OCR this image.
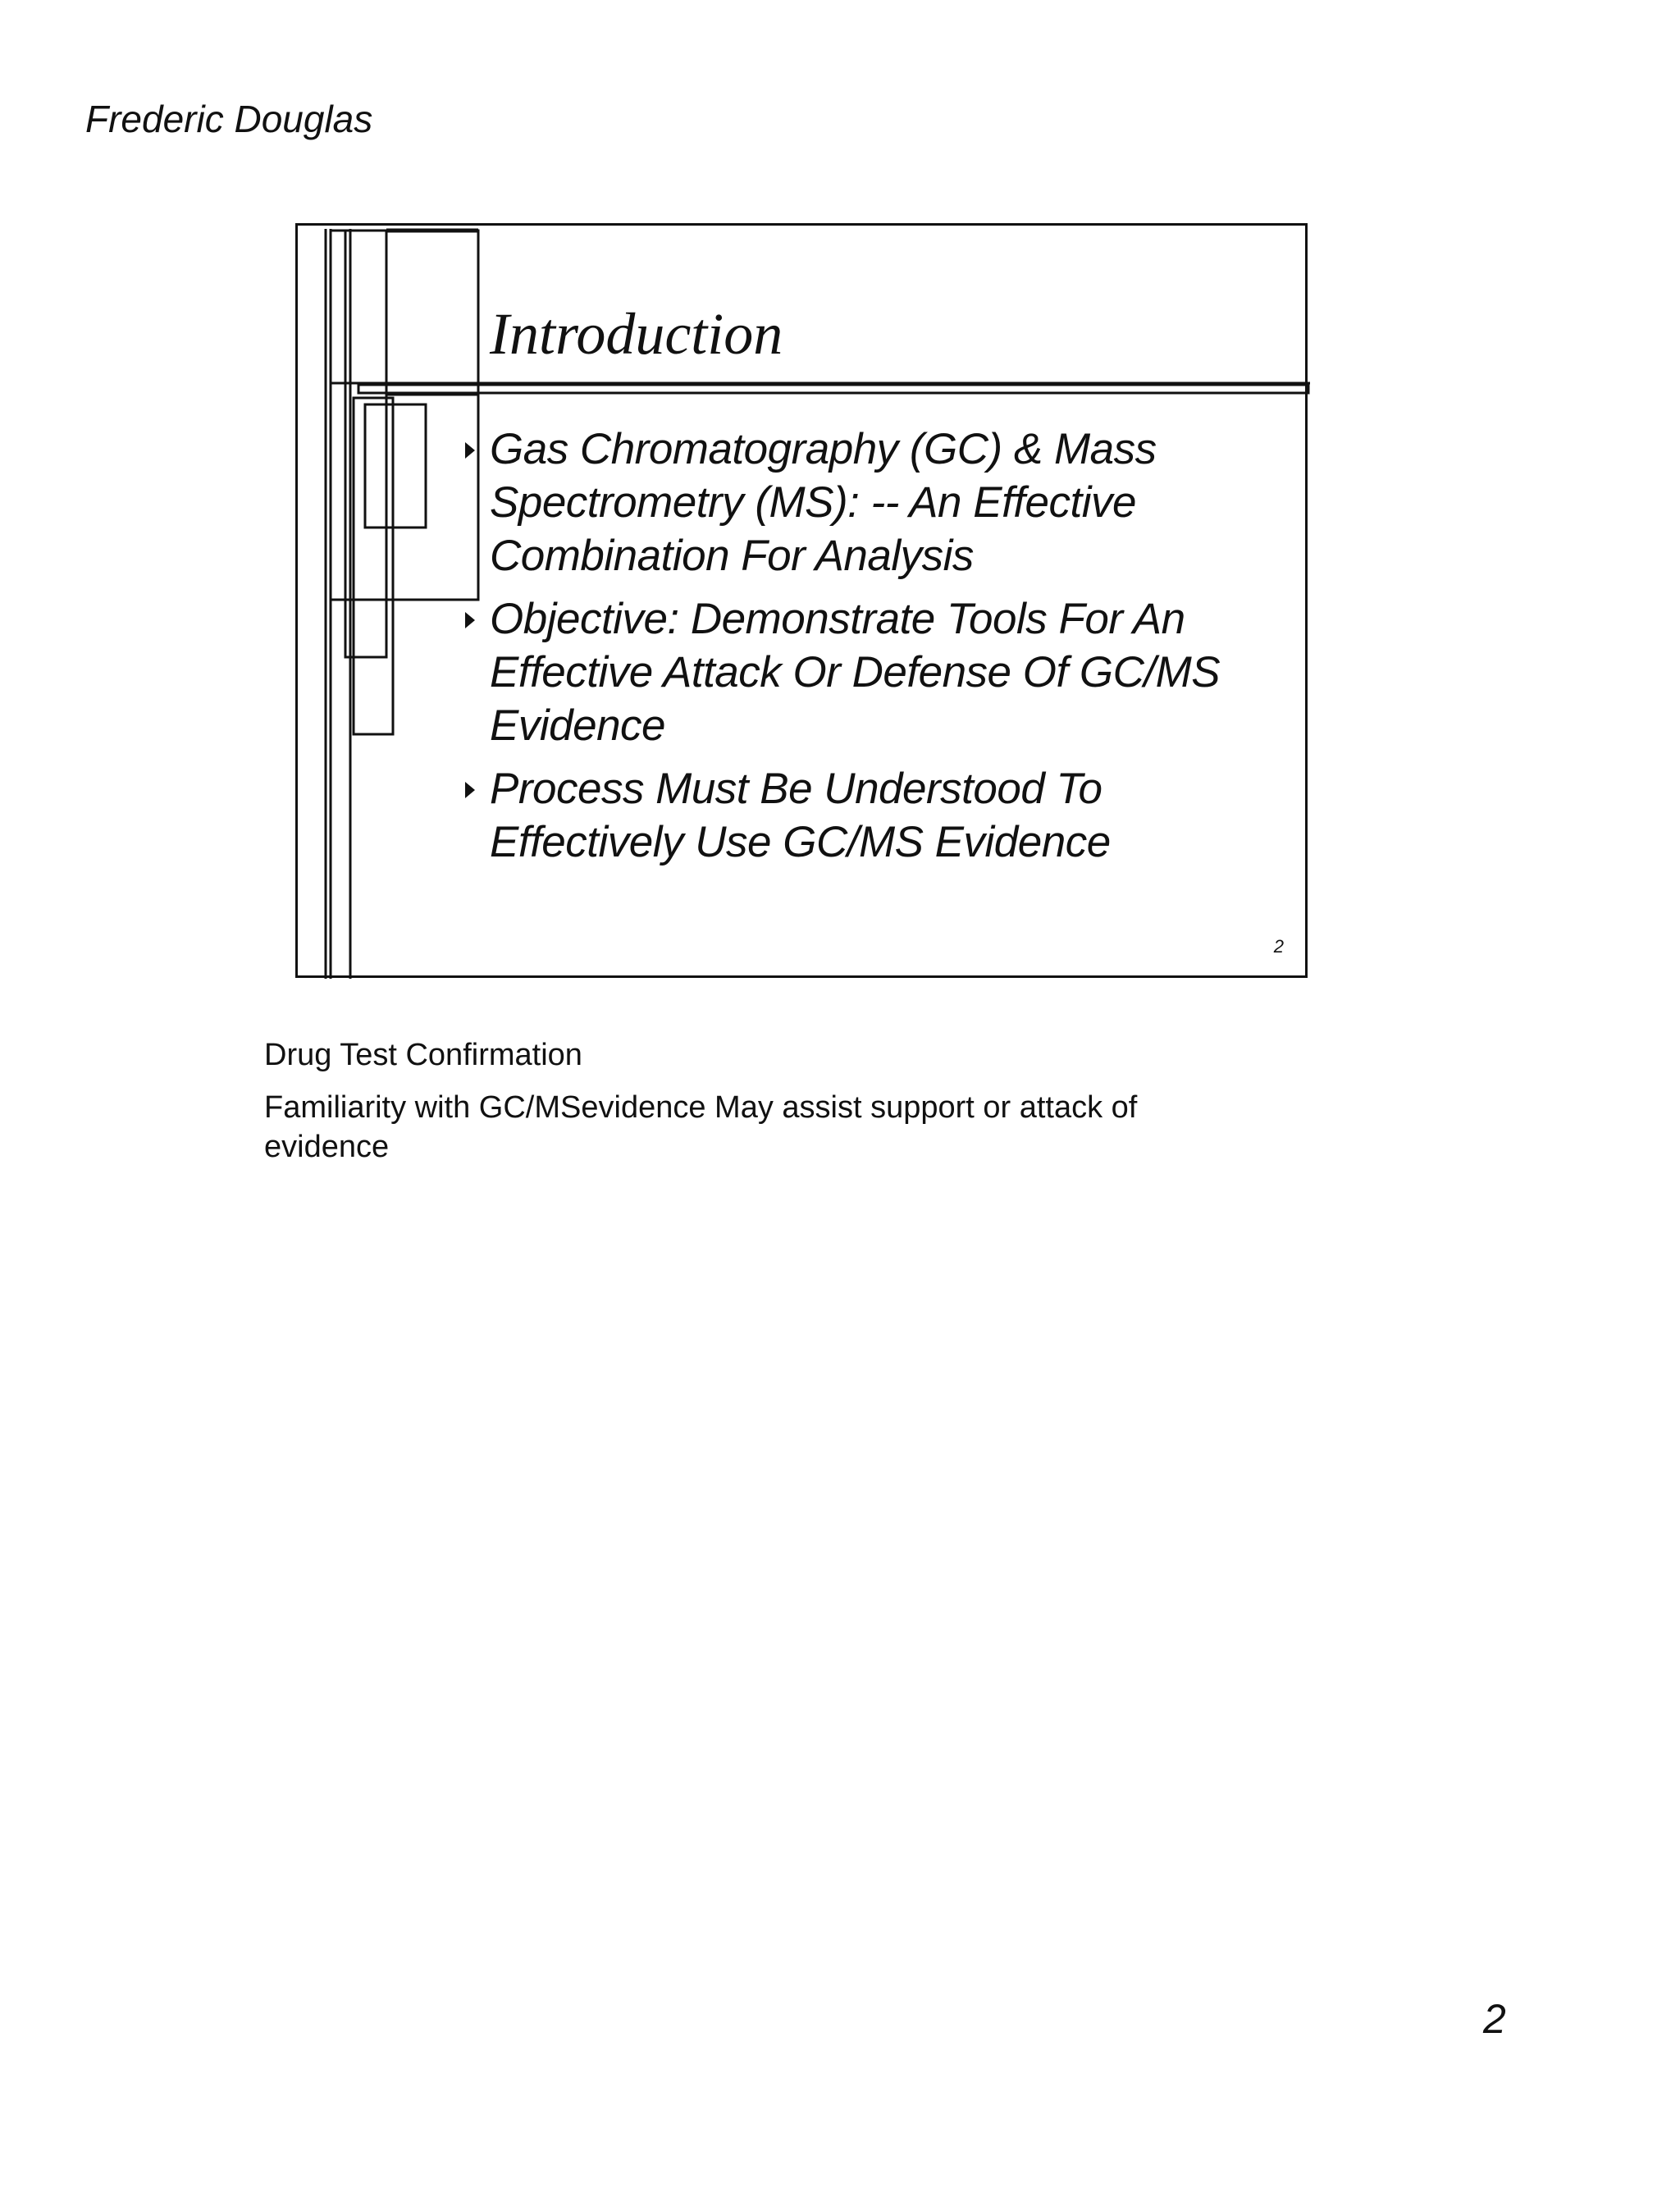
Frederic Douglas
Introduction
Gas Chromatography (GC) & Mass Spectrometry (MS): -- An Effective Combination For Analysis
Objective: Demonstrate Tools For An Effective Attack Or Defense Of GC/MS Evidence
Process Must Be Understood To Effectively Use GC/MS Evidence
2

Drug Test Confirmation

Familiarity with GC/MSevidence May assist support or attack of evidence

2
